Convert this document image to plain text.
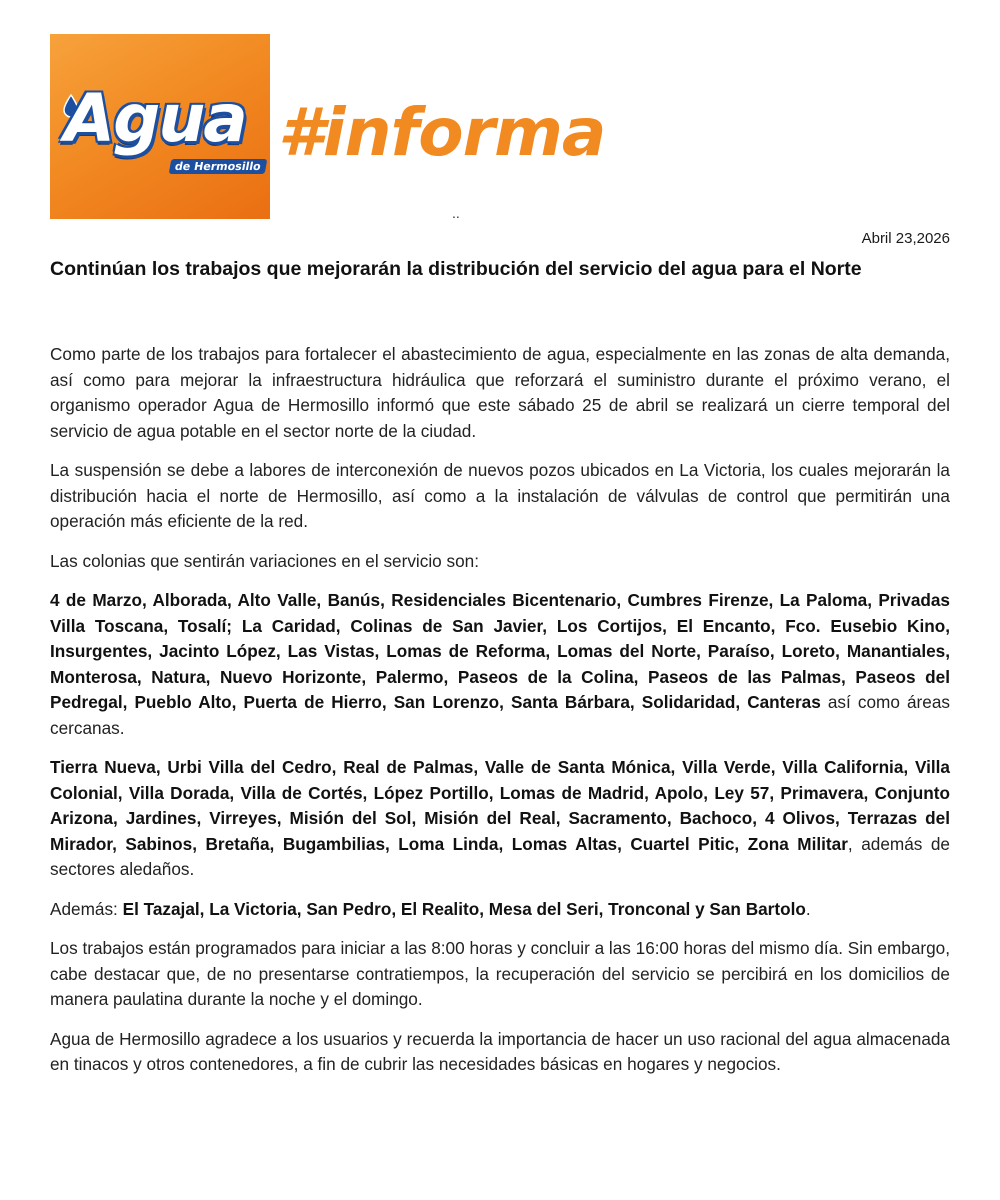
Agua
de Hermosillo #informa
..
Abril 23,2026
Continúan los trabajos que mejorarán la distribución del servicio del agua para el Norte

Como parte de los trabajos para fortalecer el abastecimiento de agua, especialmente en las zonas de alta demanda, así como para mejorar la infraestructura hidráulica que reforzará el suministro durante el próximo verano, el organismo operador Agua de Hermosillo informó que este sábado 25 de abril se realizará un cierre temporal del servicio de agua potable en el sector norte de la ciudad.

La suspensión se debe a labores de interconexión de nuevos pozos ubicados en La Victoria, los cuales mejorarán la distribución hacia el norte de Hermosillo, así como a la instalación de válvulas de control que permitirán una operación más eficiente de la red.

Las colonias que sentirán variaciones en el servicio son:

4 de Marzo, Alborada, Alto Valle, Banús, Residenciales Bicentenario, Cumbres Firenze, La Paloma, Privadas Villa Toscana, Tosalí; La Caridad, Colinas de San Javier, Los Cortijos, El Encanto, Fco. Eusebio Kino, Insurgentes, Jacinto López, Las Vistas, Lomas de Reforma, Lomas del Norte, Paraíso, Loreto, Manantiales, Monterosa, Natura, Nuevo Horizonte, Palermo, Paseos de la Colina, Paseos de las Palmas, Paseos del Pedregal, Pueblo Alto, Puerta de Hierro, San Lorenzo, Santa Bárbara, Solidaridad, Canteras así como áreas cercanas.

Tierra Nueva, Urbi Villa del Cedro, Real de Palmas, Valle de Santa Mónica, Villa Verde, Villa California, Villa Colonial, Villa Dorada, Villa de Cortés, López Portillo, Lomas de Madrid, Apolo, Ley 57, Primavera, Conjunto Arizona, Jardines, Virreyes, Misión del Sol, Misión del Real, Sacramento, Bachoco, 4 Olivos, Terrazas del Mirador, Sabinos, Bretaña, Bugambilias, Loma Linda, Lomas Altas, Cuartel Pitic, Zona Militar, además de sectores aledaños.

Además: El Tazajal, La Victoria, San Pedro, El Realito, Mesa del Seri, Tronconal y San Bartolo.

Los trabajos están programados para iniciar a las 8:00 horas y concluir a las 16:00 horas del mismo día. Sin embargo, cabe destacar que, de no presentarse contratiempos, la recuperación del servicio se percibirá en los domicilios de manera paulatina durante la noche y el domingo.

Agua de Hermosillo agradece a los usuarios y recuerda la importancia de hacer un uso racional del agua almacenada en tinacos y otros contenedores, a fin de cubrir las necesidades básicas en hogares y negocios.
